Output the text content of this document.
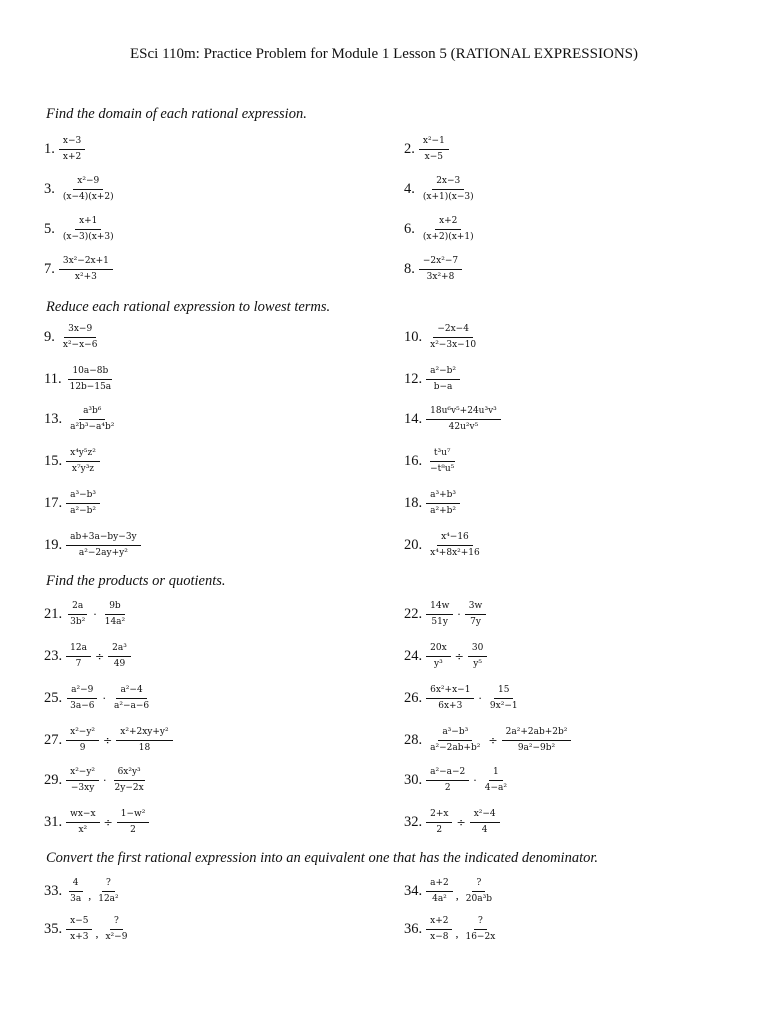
ESci 110m: Practice Problem for Module 1 Lesson 5 (RATIONAL EXPRESSIONS)
Find the domain of each rational expression.
Reduce each rational expression to lowest terms.
Find the products or quotients.
Convert the first rational expression into an equivalent one that has the indicated denominator.
1. $\frac{x-3}{x+2}$	2. $\frac{\text{x²−1}}{x-5}$
3. $\frac{\text{x²−9}}{(x-4)(x+2)}$	4. $\frac{2x-3}{(x+1)(x-3)}$
5. $\frac{x+1}{(x-3)(x+3)}$	6. $\frac{x+2}{(x+2)(x+1)}$
7. $\frac{\text{3x²−2x+1}}{\text{x²+3}}$	8. $\frac{\text{−2x²−7}}{\text{3x²+8}}$
9. $\frac{3x-9}{\text{x²−x−6}}$	10. $\frac{-2x-4}{\text{x²−3x−10}}$
11. $\frac{10a-8b}{12b-15a}$	12. $\frac{\text{a²−b²}}{b-a}$
13. $\frac{\text{a³b⁶}}{\text{a²b³−a⁴b²}}$	14. $\frac{\text{18u⁶v⁵+24u³v³}}{\text{42u²v⁵}}$
15. $\frac{\text{x⁴y⁵z²}}{\text{x⁷y³z}}$	16. $\frac{\text{t³u⁷}}{\text{−t⁸u⁵}}$
17. $\frac{\text{a³−b³}}{\text{a²−b²}}$	18. $\frac{\text{a³+b³}}{\text{a²+b²}}$
19. $\frac{ab+3a-by-3y}{\text{a²−2ay+y²}}$	20. $\frac{\text{x⁴−16}}{\text{x⁴+8x²+16}}$
21. $\frac{2a}{\text{3b²}} \cdot \frac{9b}{\text{14a²}}$	22. $\frac{14w}{51y} \cdot \frac{3w}{7y}$
23. $\frac{12a}{7} \div \frac{\text{2a³}}{49}$	24. $\frac{20x}{\text{y³}} \div \frac{30}{\text{y⁵}}$
25. $\frac{\text{a²−9}}{3a-6} \cdot \frac{\text{a²−4}}{\text{a²−a−6}}$	26. $\frac{\text{6x²+x−1}}{6x+3} \cdot \frac{15}{\text{9x²−1}}$
27. $\frac{\text{x²−y²}}{9} \div \frac{\text{x²+2xy+y²}}{18}$	28. $\frac{\text{a³−b³}}{\text{a²−2ab+b²}} \div \frac{\text{2a²+2ab+2b²}}{\text{9a²−9b²}}$
29. $\frac{\text{x²−y²}}{-3xy} \cdot \frac{\text{6x²y³}}{2y-2x}$	30. $\frac{\text{a²−a−2}}{2} \cdot \frac{1}{\text{4−a²}}$
31. $\frac{wx-x}{\text{x²}} \div \frac{\text{1−w²}}{2}$	32. $\frac{2+x}{2} \div \frac{\text{x²−4}}{4}$
33. $\frac{4}{3a}$ , $\frac{?}{\text{12a²}}$	34. $\frac{a+2}{\text{4a²}}$ , $\frac{?}{\text{20a³b}}$
35. $\frac{x-5}{x+3}$ , $\frac{?}{\text{x²−9}}$	36. $\frac{x+2}{x-8}$ , $\frac{?}{16-2x}$
